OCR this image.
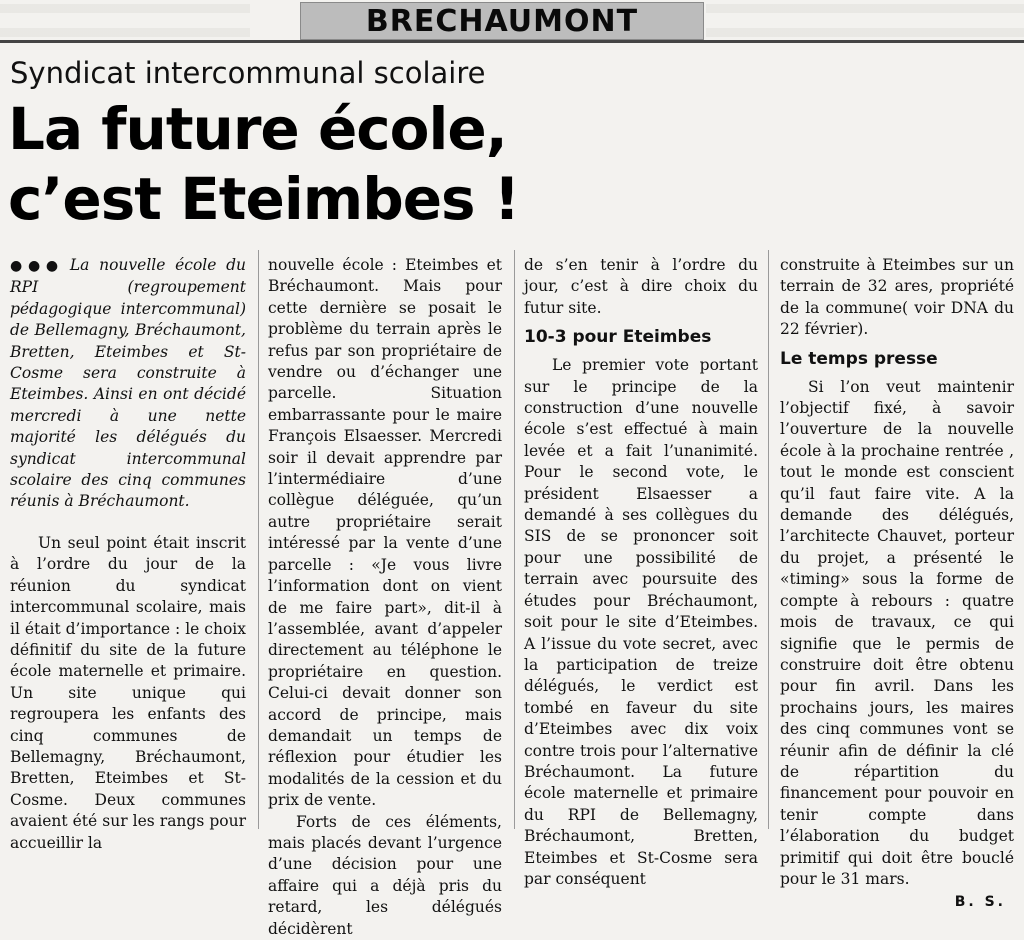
BRECHAUMONT
Syndicat intercommunal scolaire
La future école,
c’est Eteimbes !

●●● La nouvelle école du RPI (regroupement pédagogique intercommunal) de Bellemagny, Bréchaumont, Bretten, Eteimbes et St-Cosme sera construite à Eteimbes. Ainsi en ont décidé mercredi à une nette majorité les délégués du syndicat intercommunal scolaire des cinq communes réunis à Bréchaumont.

Un seul point était inscrit à l’ordre du jour de la réunion du syndicat intercommunal scolaire, mais il était d’importance : le choix définitif du site de la future école maternelle et primaire. Un site unique qui regroupera les enfants des cinq communes de Bellemagny, Bréchaumont, Bretten, Eteimbes et St-Cosme. Deux communes avaient été sur les rangs pour accueillir la

nouvelle école : Eteimbes et Bréchaumont. Mais pour cette dernière se posait le problème du terrain après le refus par son propriétaire de vendre ou d’échanger une parcelle. Situation embarrassante pour le maire François Elsaesser. Mercredi soir il devait apprendre par l’intermédiaire d’une collègue déléguée, qu’un autre propriétaire serait intéressé par la vente d’une parcelle : «Je vous livre l’information dont on vient de me faire part», dit-il à l’assemblée, avant d’appeler directement au téléphone le propriétaire en question. Celui-ci devait donner son accord de principe, mais demandait un temps de réflexion pour étudier les modalités de la cession et du prix de vente.

Forts de ces éléments, mais placés devant l’urgence d’une décision pour une affaire qui a déjà pris du retard, les délégués décidèrent

de s’en tenir à l’ordre du jour, c’est à dire choix du futur site.

10-3 pour Eteimbes

Le premier vote portant sur le principe de la construction d’une nouvelle école s’est effectué à main levée et a fait l’unanimité. Pour le second vote, le président Elsaesser a demandé à ses collègues du SIS de se prononcer soit pour une possibilité de terrain avec poursuite des études pour Bréchaumont, soit pour le site d’Eteimbes. A l’issue du vote secret, avec la participation de treize délégués, le verdict est tombé en faveur du site d’Eteimbes avec dix voix contre trois pour l’alternative Bréchaumont. La future école maternelle et primaire du RPI de Bellemagny, Bréchaumont, Bretten, Eteimbes et St-Cosme sera par conséquent

construite à Eteimbes sur un terrain de 32 ares, propriété de la commune( voir DNA du 22 février).

Le temps presse

Si l’on veut maintenir l’objectif fixé, à savoir l’ouverture de la nouvelle école à la prochaine rentrée , tout le monde est conscient qu’il faut faire vite. A la demande des délégués, l’architecte Chauvet, porteur du projet, a présenté le «timing» sous la forme de compte à rebours : quatre mois de travaux, ce qui signifie que le permis de construire doit être obtenu pour fin avril. Dans les prochains jours, les maires des cinq communes vont se réunir afin de définir la clé de répartition du financement pour pouvoir en tenir compte dans l’élaboration du budget primitif qui doit être bouclé pour le 31 mars.

B. S.
